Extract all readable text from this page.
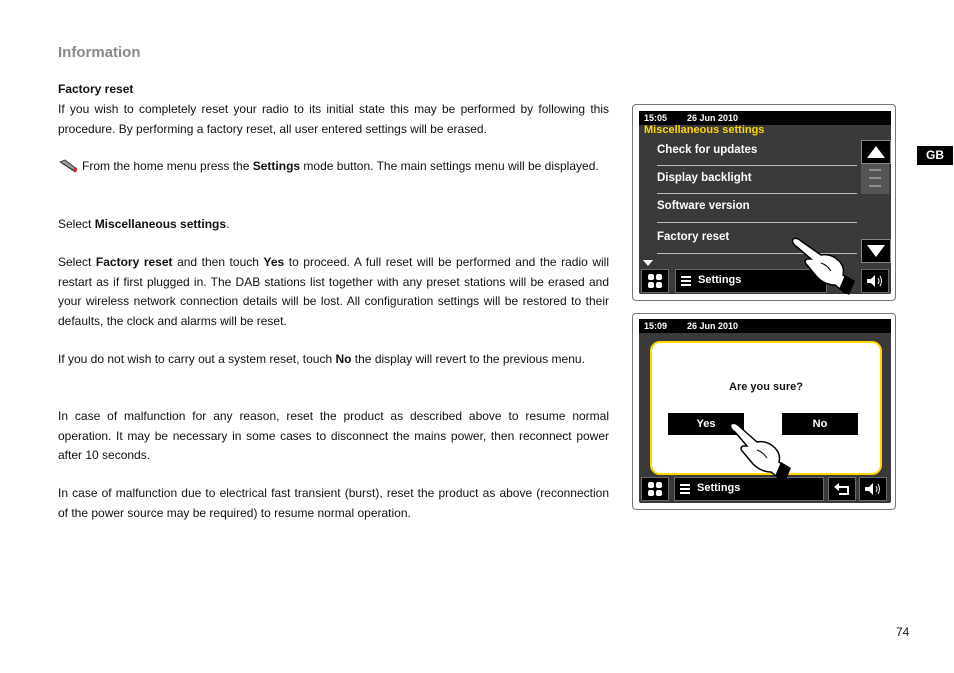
Information
Factory reset
If you wish to completely reset your radio to its initial state this may be performed by following this procedure. By performing a factory reset, all user entered settings will be erased.
From the home menu press the Settings mode button. The main settings menu will be displayed.
Select Miscellaneous settings.
Select Factory reset and then touch Yes to proceed. A full reset will be performed and the radio will restart as if first plugged in. The DAB stations list together with any preset stations will be erased and your wireless network connection details will be lost. All configuration settings will be restored to their defaults, the clock and alarms will be reset.
If you do not wish to carry out a system reset, touch No the display will revert to the previous menu.
In case of malfunction for any reason, reset the product as described above to resume normal operation. It may be necessary in some cases to disconnect the mains power, then reconnect power after 10 seconds.
In case of malfunction due to electrical fast transient (burst), reset the product as above (reconnection of the power source may be required) to resume normal operation.
GB
74
15:05 26 Jun 2010
Miscellaneous settings
Check for updates
Display backlight
Software version
Factory reset
Settings
15:09 26 Jun 2010
Are you sure?
Yes	No
Settings
